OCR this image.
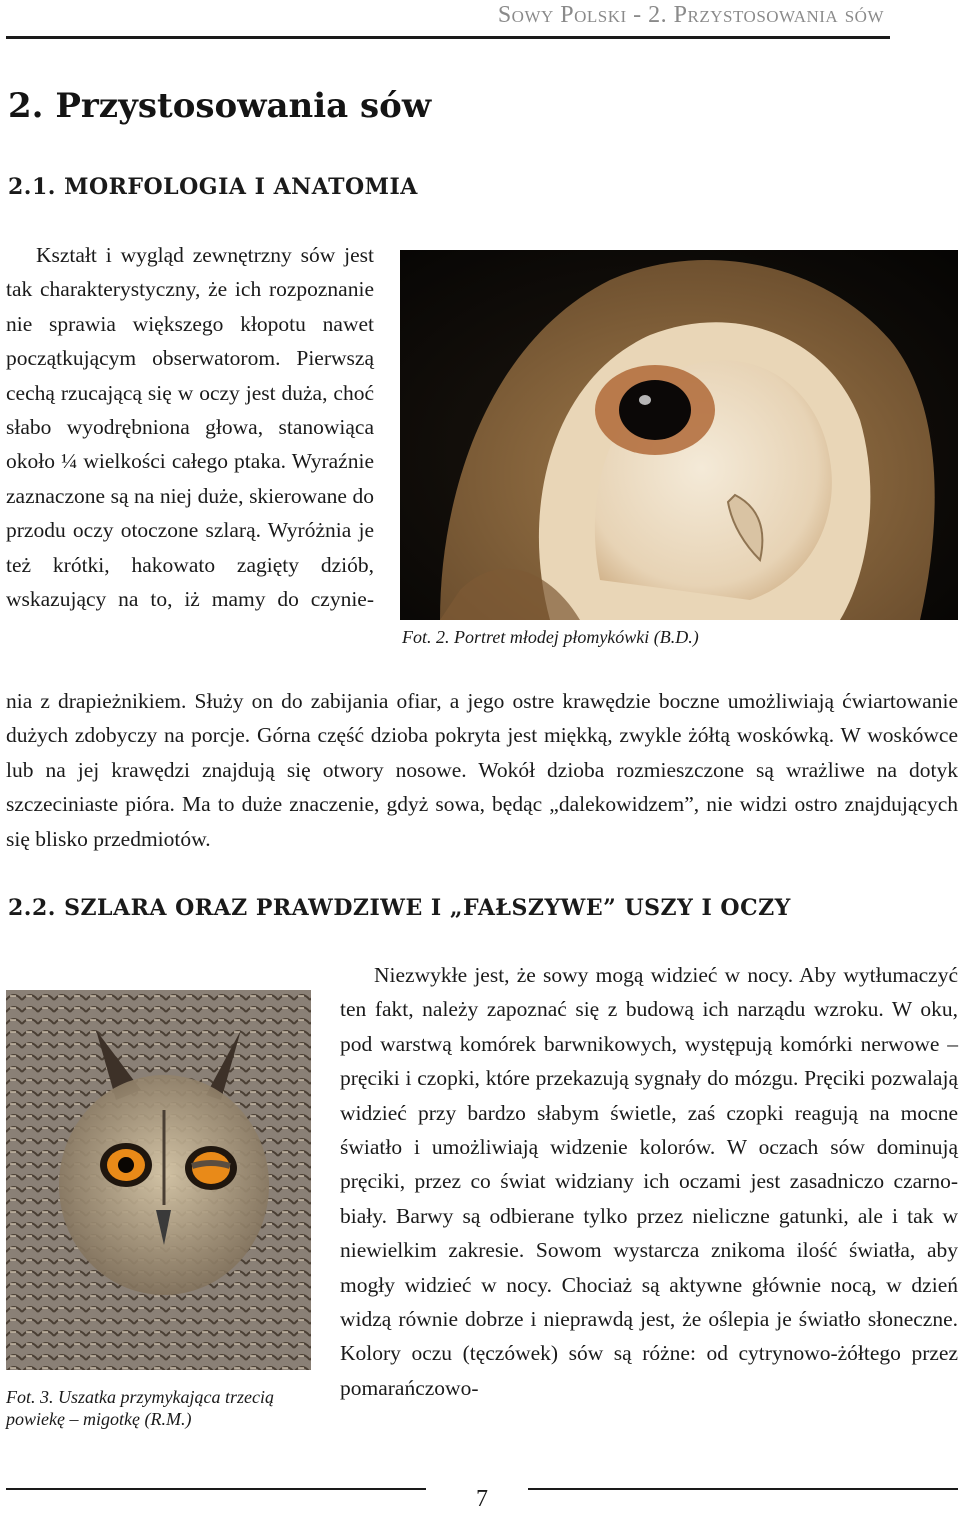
Sowy Polski - 2. Przystosowania sów
2. Przystosowania sów
2.1. MORFOLOGIA I ANATOMIA

Kształt i wygląd zewnętrzny sów jest tak charakterystyczny, że ich rozpoznanie nie sprawia większego kłopotu nawet początkującym obserwatorom. Pierwszą cechą rzucającą się w oczy jest duża, choć słabo wyodrębniona głowa, stanowiąca około ¼ wielkości całego ptaka. Wyraźnie zaznaczone są na niej duże, skierowane do przodu oczy otoczone szlarą. Wyróżnia je też krótki, hakowato zagięty dziób, wskazujący na to, iż mamy do czynie-

Fot. 2. Portret młodej płomykówki (B.D.)

nia z drapieżnikiem. Służy on do zabijania ofiar, a jego ostre krawędzie boczne umożliwiają ćwiartowanie dużych zdobyczy na porcje. Górna część dzioba pokryta jest miękką, zwykle żółtą woskówką. W woskówce lub na jej krawędzi znajdują się otwory nosowe. Wokół dzioba rozmieszczone są wrażliwe na dotyk szczeciniaste pióra. Ma to duże znaczenie, gdyż sowa, będąc „dalekowidzem”, nie widzi ostro znajdujących się blisko przedmiotów.

2.2. SZLARA ORAZ PRAWDZIWE I „FAŁSZYWE” USZY I OCZY

Fot. 3. Uszatka przymykająca trzecią powiekę – migotkę (R.M.)

Niezwykłe jest, że sowy mogą widzieć w nocy. Aby wytłumaczyć ten fakt, należy zapoznać się z budową ich narządu wzroku. W oku, pod warstwą komórek barwnikowych, występują komórki nerwowe – pręciki i czopki, które przekazują sygnały do mózgu. Pręciki pozwalają widzieć przy bardzo słabym świetle, zaś czopki reagują na mocne światło i umożliwiają widzenie kolorów. W oczach sów dominują pręciki, przez co świat widziany ich oczami jest zasadniczo czarno-biały. Barwy są odbierane tylko przez nieliczne gatunki, ale i tak w niewielkim zakresie. Sowom wystarcza znikoma ilość światła, aby mogły widzieć w nocy. Chociaż są aktywne głównie nocą, w dzień widzą równie dobrze i nieprawdą jest, że oślepia je światło słoneczne. Kolory oczu (tęczówek) sów są różne: od cytrynowo-żółtego przez pomarańczowo-

7
